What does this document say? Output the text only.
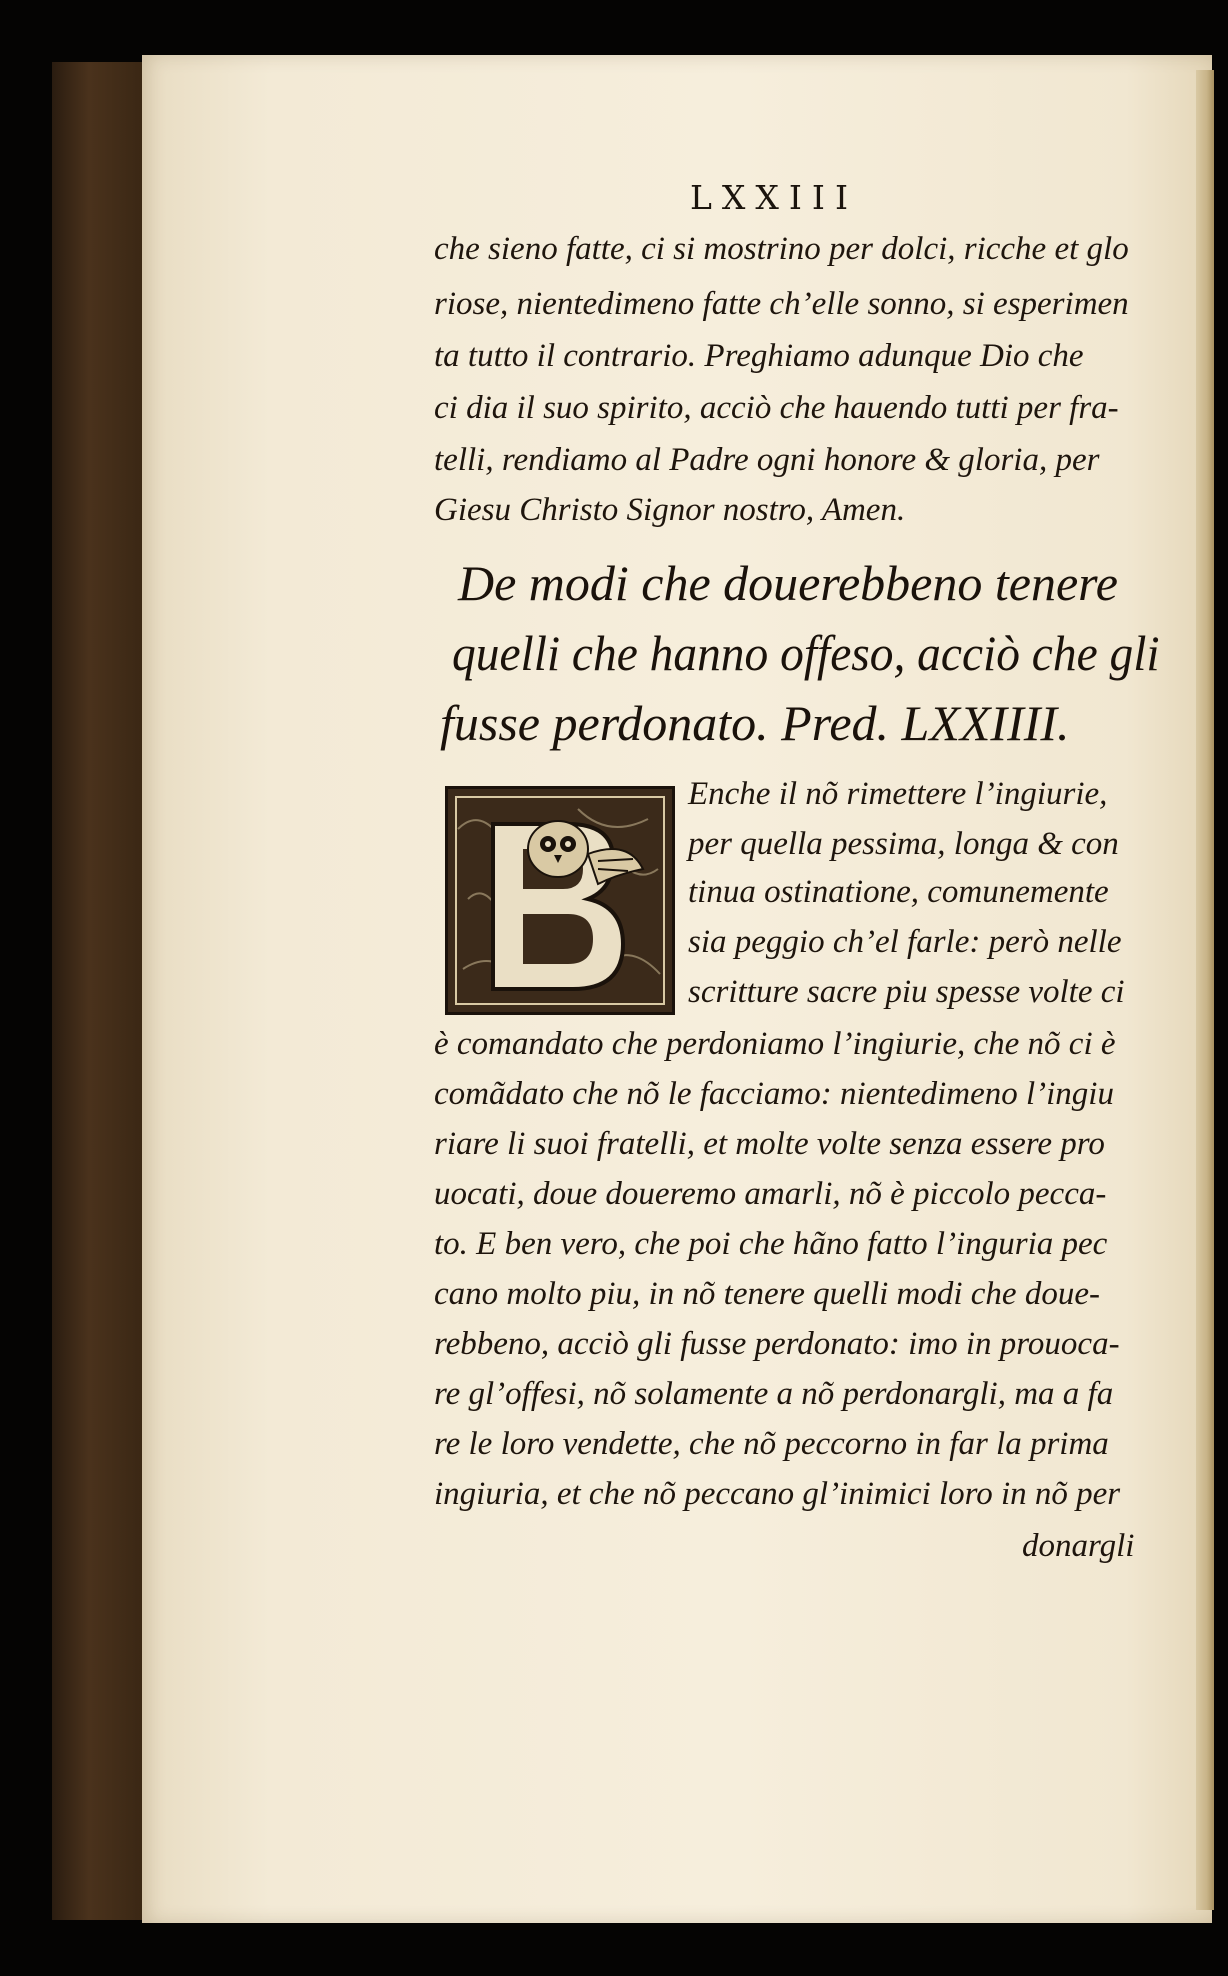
LXXIII
che sieno fatte, ci si mostrino per dolci, ricche et glo
riose, nientedimeno fatte ch’elle sonno, si esperimen
ta tutto il contrario. Preghiamo adunque Dio che
ci dia il suo spirito, acciò che hauendo tutti per fra-
telli, rendiamo al Padre ogni honore & gloria, per
Giesu Christo Signor nostro, Amen.
De modi che douerebbeno tenere
quelli che hanno offeso, acciò che gli
fusse perdonato. Pred. LXXIIII.
Enche il nõ rimettere l’ingiurie,
per quella pessima, longa & con
tinua ostinatione, comunemente
sia peggio ch’el farle: però nelle
scritture sacre piu spesse volte ci
è comandato che perdoniamo l’ingiurie, che nõ ci è
comãdato che nõ le facciamo: nientedimeno l’ingiu
riare li suoi fratelli, et molte volte senza essere pro
uocati, doue doueremo amarli, nõ è piccolo pecca-
to. E ben vero, che poi che hãno fatto l’inguria pec
cano molto piu, in nõ tenere quelli modi che doue-
rebbeno, acciò gli fusse perdonato: imo in prouoca-
re gl’offesi, nõ solamente a nõ perdonargli, ma a fa
re le loro vendette, che nõ peccorno in far la prima
ingiuria, et che nõ peccano gl’inimici loro in nõ per
donargli
